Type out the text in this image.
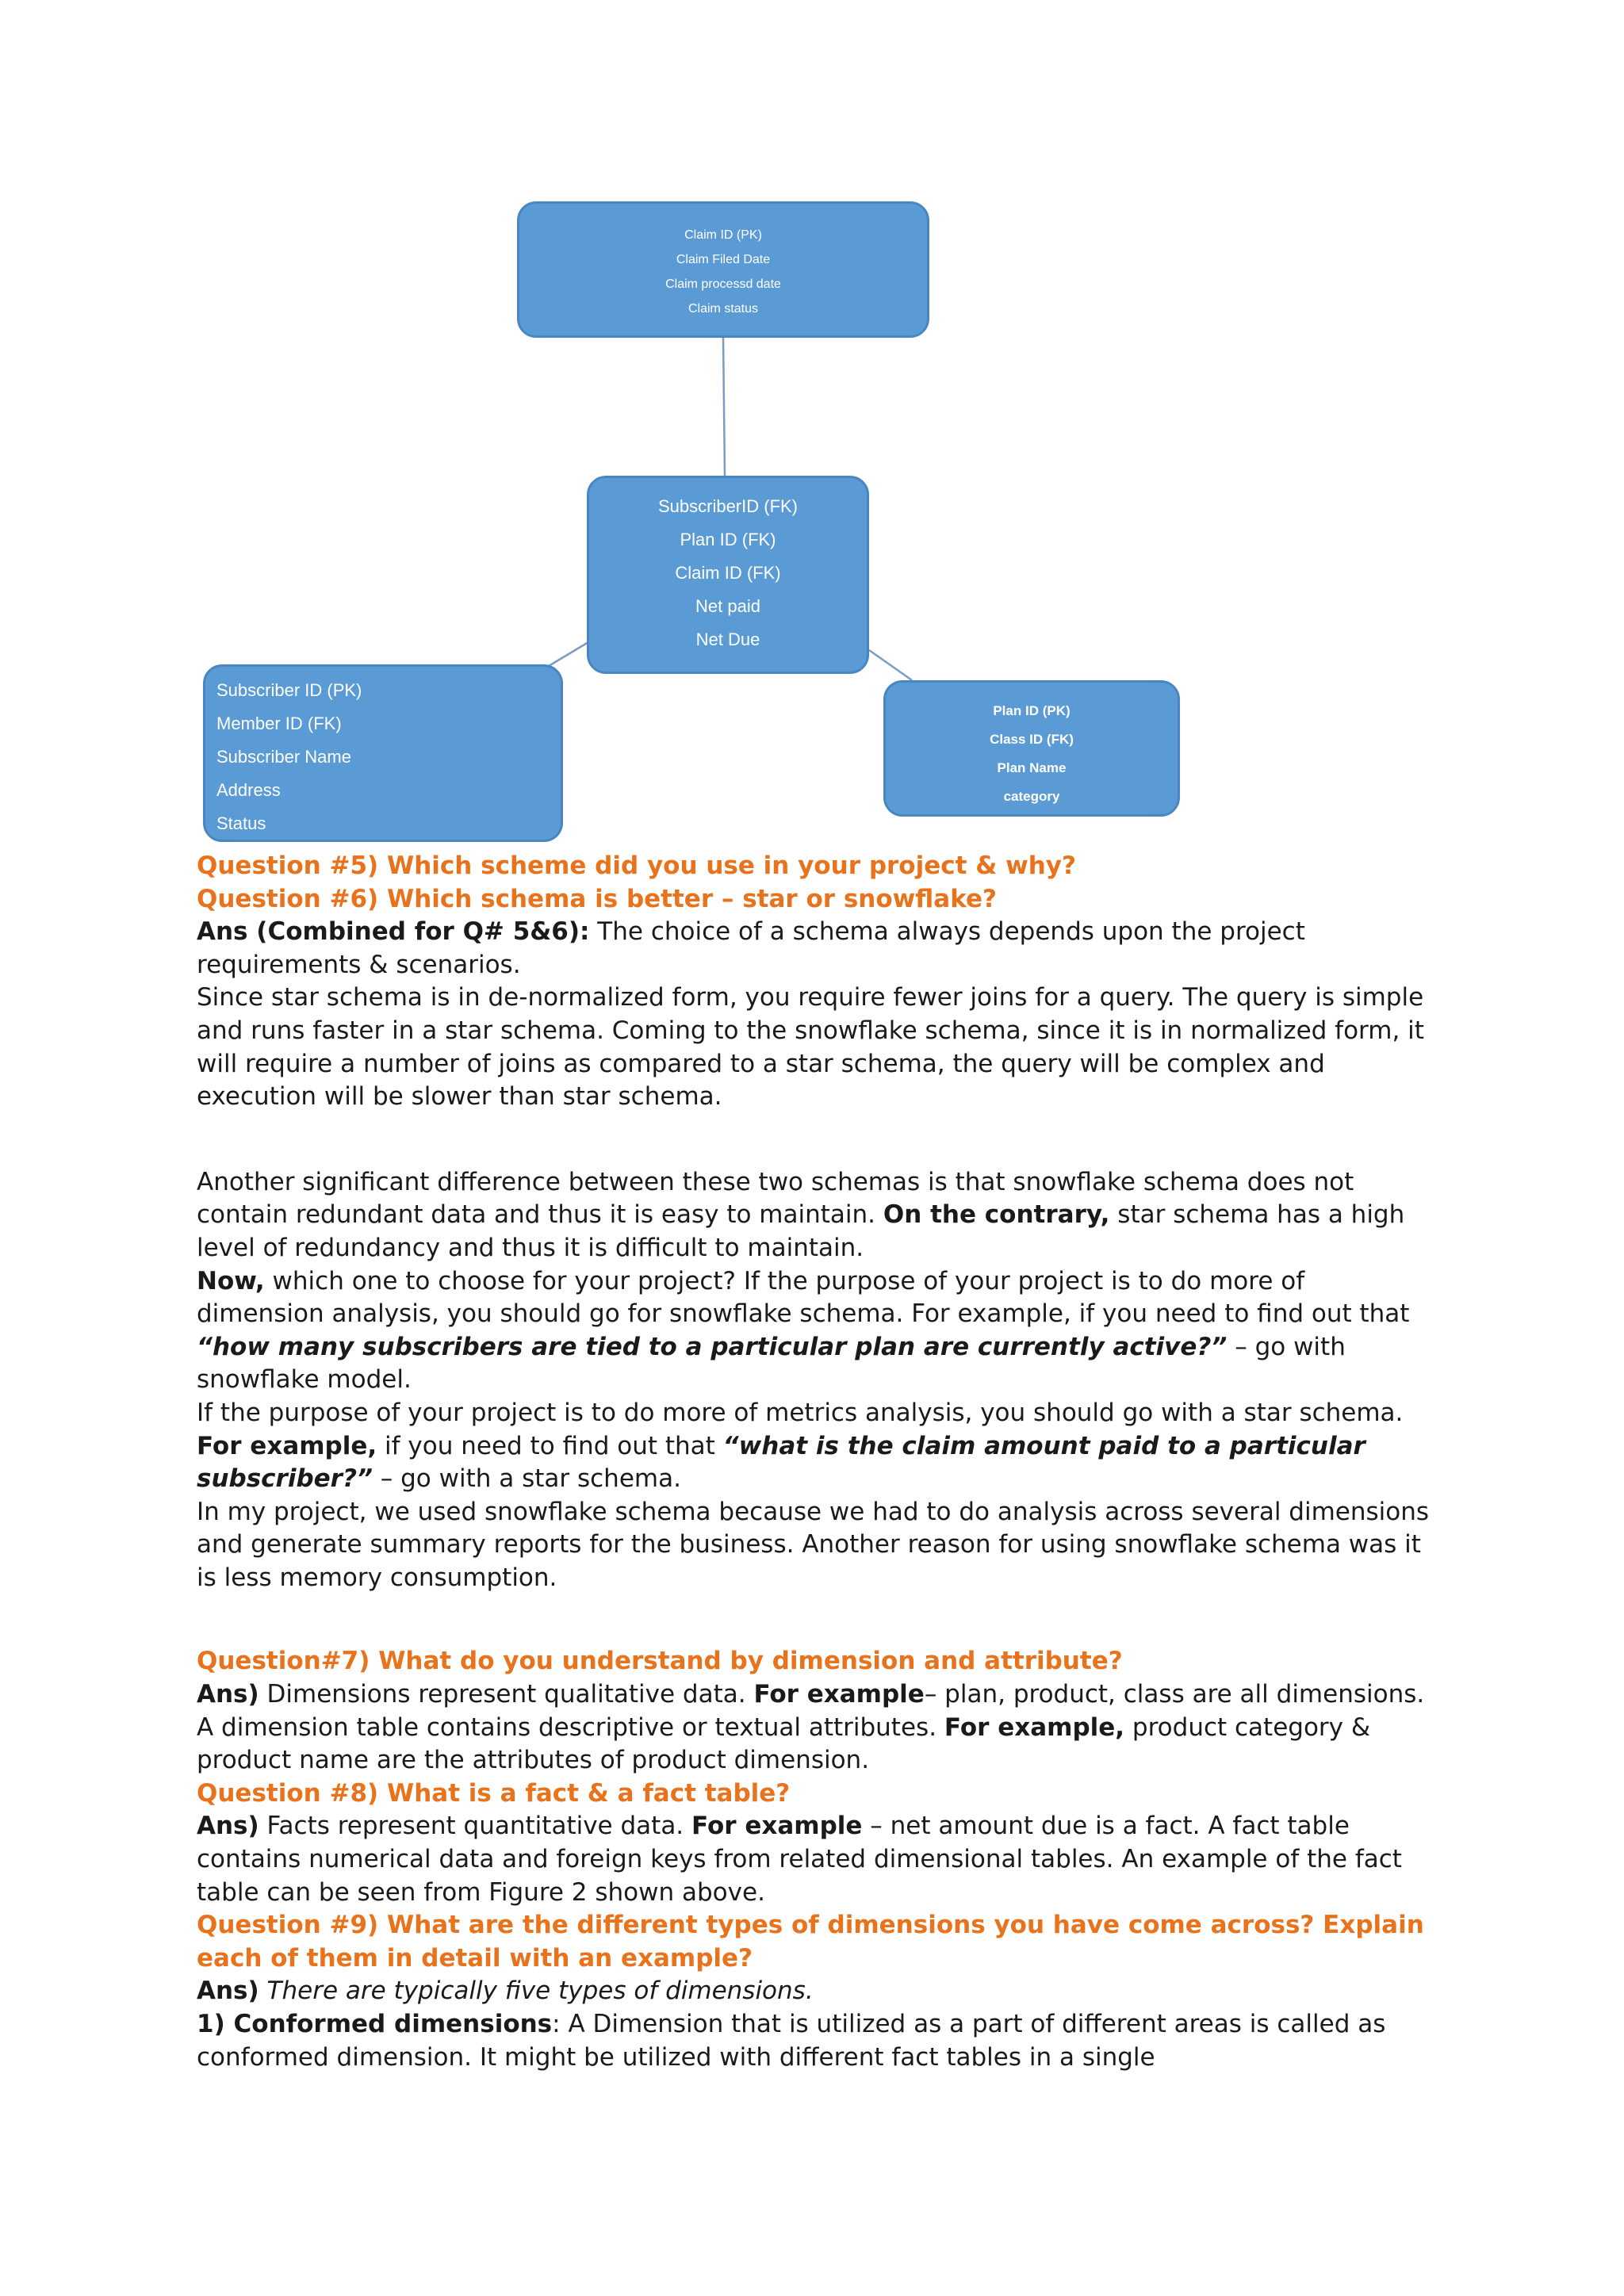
Claim ID (PK)
Claim Filed Date
Claim processd date
Claim status
SubscriberID (FK)
Plan ID (FK)
Claim ID (FK)
Net paid
Net Due
Subscriber ID (PK)
Member ID (FK)
Subscriber Name
Address
Status
Plan ID (PK)
Class ID (FK)
Plan Name
category

Question #5) Which scheme did you use in your project & why?

Question #6) Which schema is better – star or snowflake?

Ans (Combined for Q# 5&6): The choice of a schema always depends upon the project requirements & scenarios.

Since star schema is in de-normalized form, you require fewer joins for a query. The query is simple and runs faster in a star schema. Coming to the snowflake schema, since it is in normalized form, it will require a number of joins as compared to a star schema, the query will be complex and execution will be slower than star schema.

Another significant difference between these two schemas is that snowflake schema does not contain redundant data and thus it is easy to maintain. On the contrary, star schema has a high level of redundancy and thus it is difficult to maintain.

Now, which one to choose for your project? If the purpose of your project is to do more of dimension analysis, you should go for snowflake schema. For example, if you need to find out that “how many subscribers are tied to a particular plan are currently active?” – go with snowflake model.

If the purpose of your project is to do more of metrics analysis, you should go with a star schema. For example, if you need to find out that “what is the claim amount paid to a particular subscriber?” – go with a star schema.

In my project, we used snowflake schema because we had to do analysis across several dimensions and generate summary reports for the business. Another reason for using snowflake schema was it is less memory consumption.

Question#7) What do you understand by dimension and attribute?

Ans) Dimensions represent qualitative data. For example– plan, product, class are all dimensions. A dimension table contains descriptive or textual attributes. For example, product category & product name are the attributes of product dimension.

Question #8) What is a fact & a fact table?

Ans) Facts represent quantitative data. For example – net amount due is a fact. A fact table contains numerical data and foreign keys from related dimensional tables. An example of the fact table can be seen from Figure 2 shown above.

Question #9) What are the different types of dimensions you have come across? Explain each of them in detail with an example?

Ans) There are typically five types of dimensions.

1) Conformed dimensions: A Dimension that is utilized as a part of different areas is called as conformed dimension. It might be utilized with different fact tables in a single
